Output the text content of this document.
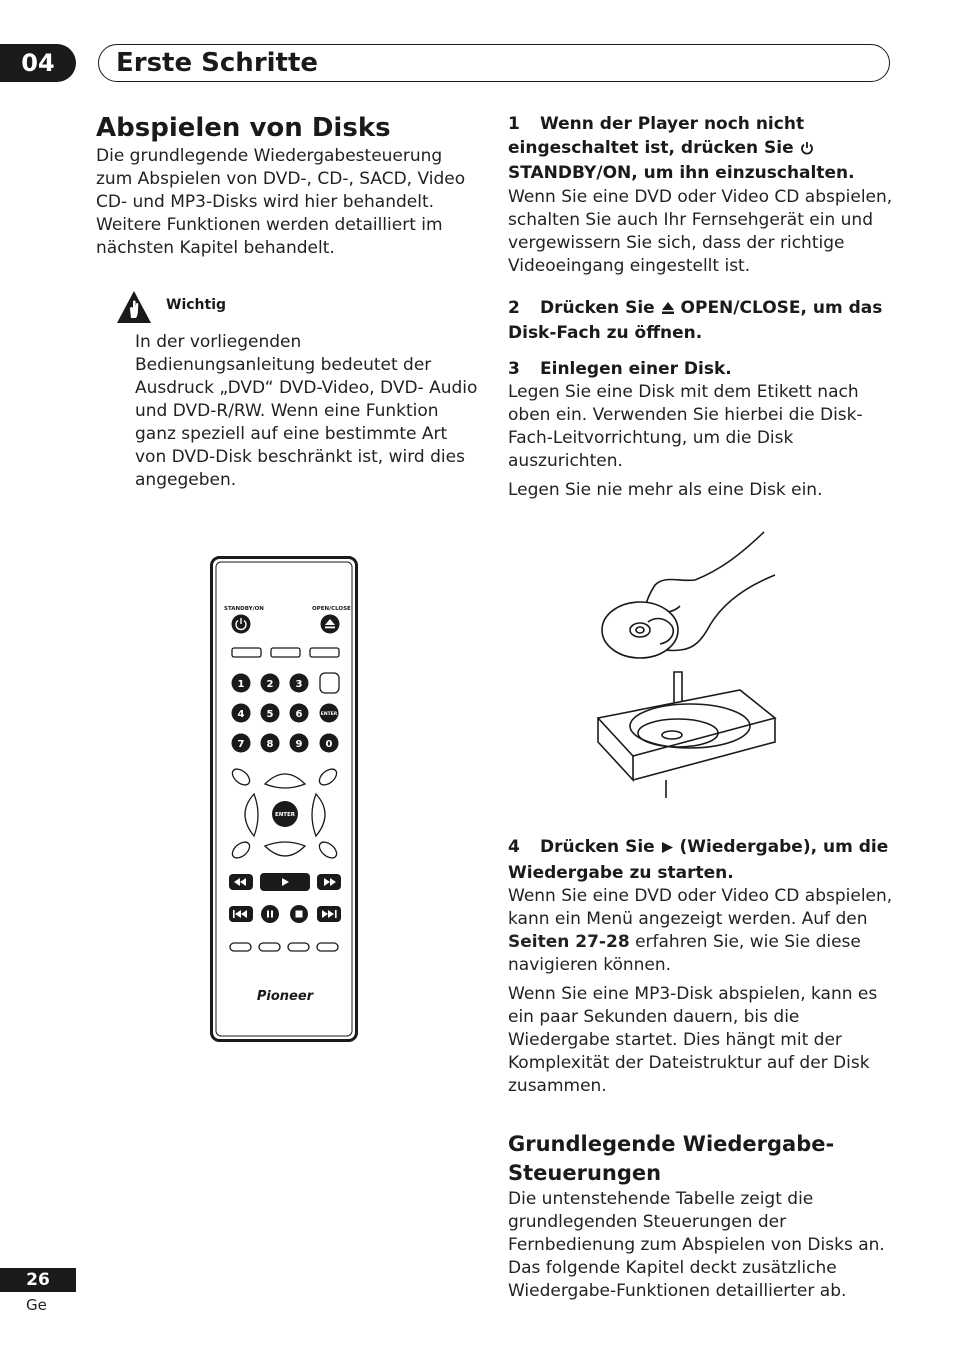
04	Erste Schritte
Abspielen von Disks

Die grundlegende Wiedergabesteuerung zum Abspielen von DVD-, CD-, SACD, Video CD- und MP3-Disks wird hier behandelt. Weitere Funktionen werden detailliert im nächsten Kapitel behandelt.

Wichtig

In der vorliegenden Bedienungsanleitung bedeutet der Ausdruck „DVD“ DVD-Video, DVD- Audio und DVD-R/RW. Wenn eine Funktion ganz speziell auf eine bestimmte Art von DVD-Disk beschränkt ist, wird dies angegeben.

STANDBY/ON	OPEN/CLOSE
1 2 3
4 5 6	ENTER
7 8 9 0
ENTER
Pioneer

1 Wenn der Player noch nicht eingeschaltet ist, drücken Sie  STANDBY/ON, um ihn einzuschalten.

Wenn Sie eine DVD oder Video CD abspielen, schalten Sie auch Ihr Fernsehgerät ein und vergewissern Sie sich, dass der richtige Videoeingang eingestellt ist.

2 Drücken Sie OPEN/CLOSE, um das Disk-Fach zu öffnen.

3 Einlegen einer Disk.

Legen Sie eine Disk mit dem Etikett nach oben ein. Verwenden Sie hierbei die Disk-Fach-Leitvorrichtung, um die Disk auszurichten.

Legen Sie nie mehr als eine Disk ein.

4 Drücken Sie (Wiedergabe), um die Wiedergabe zu starten.

Wenn Sie eine DVD oder Video CD abspielen, kann ein Menü angezeigt werden. Auf den Seiten 27-28 erfahren Sie, wie Sie diese navigieren können.

Wenn Sie eine MP3-Disk abspielen, kann es ein paar Sekunden dauern, bis die Wiedergabe startet. Dies hängt mit der Komplexität der Dateistruktur auf der Disk zusammen.

Grundlegende Wiedergabe-Steuerungen

Die untenstehende Tabelle zeigt die grundlegenden Steuerungen der Fernbedienung zum Abspielen von Disks an. Das folgende Kapitel deckt zusätzliche Wiedergabe-Funktionen detaillierter ab.

26
Ge
